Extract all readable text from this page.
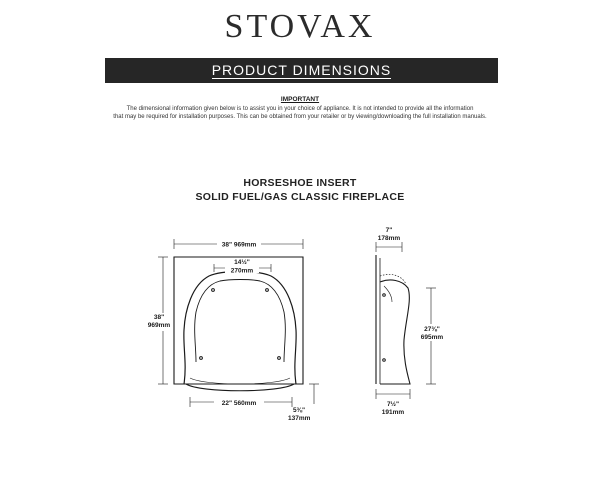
STOVAX
PRODUCT DIMENSIONS
IMPORTANT
The dimensional information given below is to assist you in your choice of appliance. It is not intended to provide all the information
that may be required for installation purposes. This can be obtained from your retailer or by viewing/downloading the full installation manuals.
HORSESHOE INSERT
SOLID FUEL/GAS CLASSIC FIREPLACE
38" 969mm
14½"
270mm
38"
969mm
22" 560mm
5⅜"
137mm
7"
178mm
27⅜"
695mm
7½"
191mm
